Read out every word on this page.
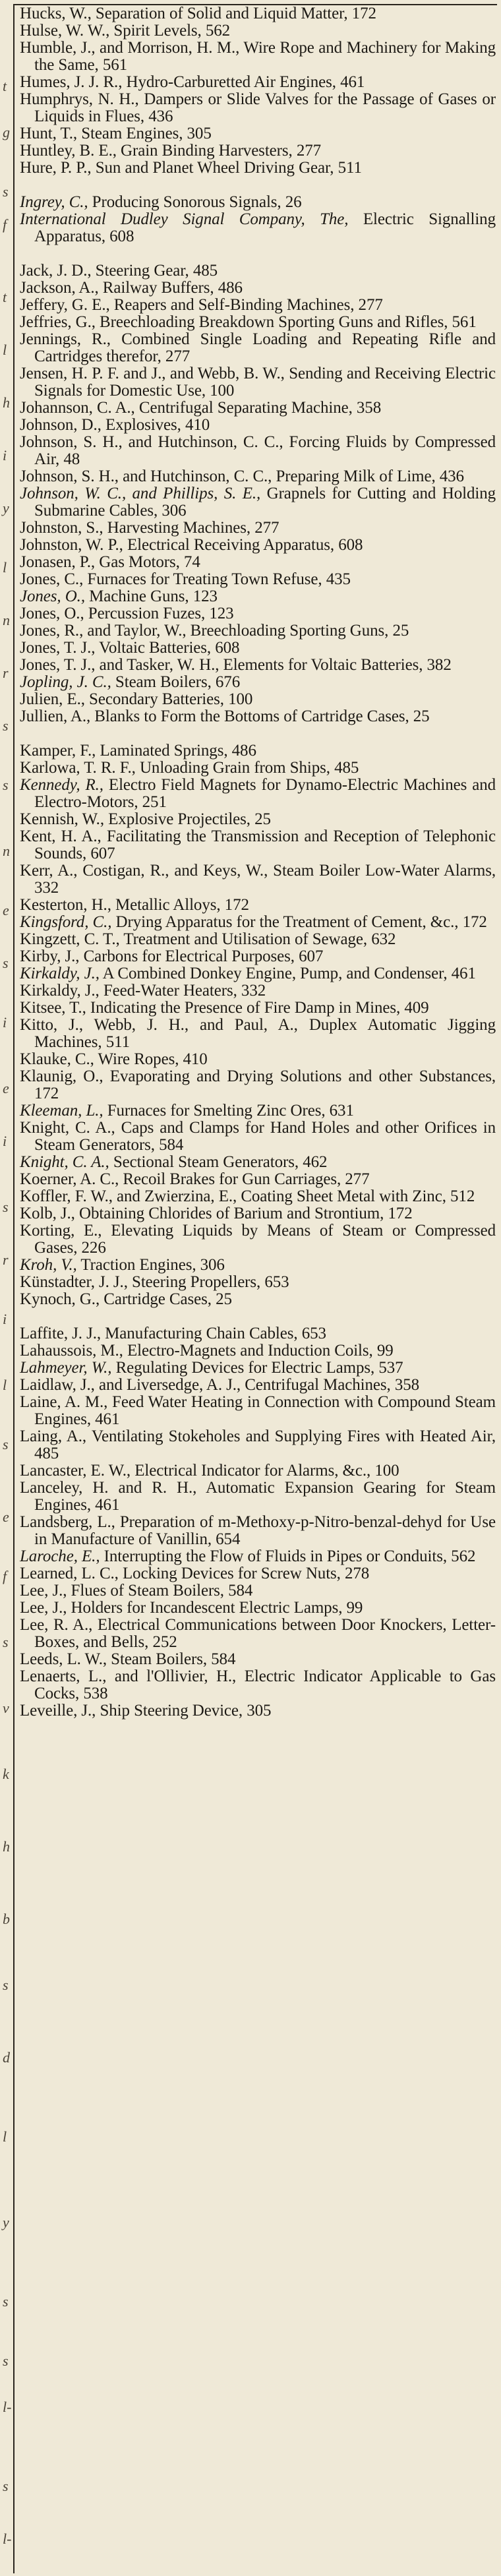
t
g
s
f
t
l
h
i
y
l
n
r
s
s
n
e
s
i
e
i
s
r
i
l
s
e
f
s
v
k
h
b
s
d
l
y
s
s
l-
s
l-

Hucks, W., Separation of Solid and Liquid Matter, 172

Hulse, W. W., Spirit Levels, 562

Humble, J., and Morrison, H. M., Wire Rope and Machinery for Making the Same, 561

Humes, J. J. R., Hydro-Carburetted Air Engines, 461

Humphrys, N. H., Dampers or Slide Valves for the Passage of Gases or Liquids in Flues, 436

Hunt, T., Steam Engines, 305

Huntley, B. E., Grain Binding Harvesters, 277

Hure, P. P., Sun and Planet Wheel Driving Gear, 511

Ingrey, C., Producing Sonorous Signals, 26

International Dudley Signal Company, The, Electric Signalling Apparatus, 608

Jack, J. D., Steering Gear, 485

Jackson, A., Railway Buffers, 486

Jeffery, G. E., Reapers and Self-Binding Machines, 277

Jeffries, G., Breechloading Breakdown Sporting Guns and Rifles, 561

Jennings, R., Combined Single Loading and Repeating Rifle and Cartridges therefor, 277

Jensen, H. P. F. and J., and Webb, B. W., Sending and Receiving Electric Signals for Domestic Use, 100

Johannson, C. A., Centrifugal Separating Machine, 358

Johnson, D., Explosives, 410

Johnson, S. H., and Hutchinson, C. C., Forcing Fluids by Compressed Air, 48

Johnson, S. H., and Hutchinson, C. C., Preparing Milk of Lime, 436

Johnson, W. C., and Phillips, S. E., Grapnels for Cutting and Holding Submarine Cables, 306

Johnston, S., Harvesting Machines, 277

Johnston, W. P., Electrical Receiving Apparatus, 608

Jonasen, P., Gas Motors, 74

Jones, C., Furnaces for Treating Town Refuse, 435

Jones, O., Machine Guns, 123

Jones, O., Percussion Fuzes, 123

Jones, R., and Taylor, W., Breechloading Sporting Guns, 25

Jones, T. J., Voltaic Batteries, 608

Jones, T. J., and Tasker, W. H., Elements for Voltaic Batteries, 382

Jopling, J. C., Steam Boilers, 676

Julien, E., Secondary Batteries, 100

Jullien, A., Blanks to Form the Bottoms of Cartridge Cases, 25

Kamper, F., Laminated Springs, 486

Karlowa, T. R. F., Unloading Grain from Ships, 485

Kennedy, R., Electro Field Magnets for Dynamo-Electric Machines and Electro-Motors, 251

Kennish, W., Explosive Projectiles, 25

Kent, H. A., Facilitating the Transmission and Reception of Telephonic Sounds, 607

Kerr, A., Costigan, R., and Keys, W., Steam Boiler Low-Water Alarms, 332

Kesterton, H., Metallic Alloys, 172

Kingsford, C., Drying Apparatus for the Treatment of Cement, &c., 172

Kingzett, C. T., Treatment and Utilisation of Sewage, 632

Kirby, J., Carbons for Electrical Purposes, 607

Kirkaldy, J., A Combined Donkey Engine, Pump, and Condenser, 461

Kirkaldy, J., Feed-Water Heaters, 332

Kitsee, T., Indicating the Presence of Fire Damp in Mines, 409

Kitto, J., Webb, J. H., and Paul, A., Duplex Automatic Jigging Machines, 511

Klauke, C., Wire Ropes, 410

Klaunig, O., Evaporating and Drying Solutions and other Substances, 172

Kleeman, L., Furnaces for Smelting Zinc Ores, 631

Knight, C. A., Caps and Clamps for Hand Holes and other Orifices in Steam Generators, 584

Knight, C. A., Sectional Steam Generators, 462

Koerner, A. C., Recoil Brakes for Gun Carriages, 277

Koffler, F. W., and Zwierzina, E., Coating Sheet Metal with Zinc, 512

Kolb, J., Obtaining Chlorides of Barium and Strontium, 172

Korting, E., Elevating Liquids by Means of Steam or Compressed Gases, 226

Kroh, V., Traction Engines, 306

Künstadter, J. J., Steering Propellers, 653

Kynoch, G., Cartridge Cases, 25

Laffite, J. J., Manufacturing Chain Cables, 653

Lahaussois, M., Electro-Magnets and Induction Coils, 99

Lahmeyer, W., Regulating Devices for Electric Lamps, 537

Laidlaw, J., and Liversedge, A. J., Centrifugal Machines, 358

Laine, A. M., Feed Water Heating in Connection with Compound Steam Engines, 461

Laing, A., Ventilating Stokeholes and Supplying Fires with Heated Air, 485

Lancaster, E. W., Electrical Indicator for Alarms, &c., 100

Lanceley, H. and R. H., Automatic Expansion Gearing for Steam Engines, 461

Landsberg, L., Preparation of m-Methoxy-p-Nitro-benzal-dehyd for Use in Manufacture of Vanillin, 654

Laroche, E., Interrupting the Flow of Fluids in Pipes or Conduits, 562

Learned, L. C., Locking Devices for Screw Nuts, 278

Lee, J., Flues of Steam Boilers, 584

Lee, J., Holders for Incandescent Electric Lamps, 99

Lee, R. A., Electrical Communications between Door Knockers, Letter-Boxes, and Bells, 252

Leeds, L. W., Steam Boilers, 584

Lenaerts, L., and l'Ollivier, H., Electric Indicator Applicable to Gas Cocks, 538

Leveille, J., Ship Steering Device, 305
